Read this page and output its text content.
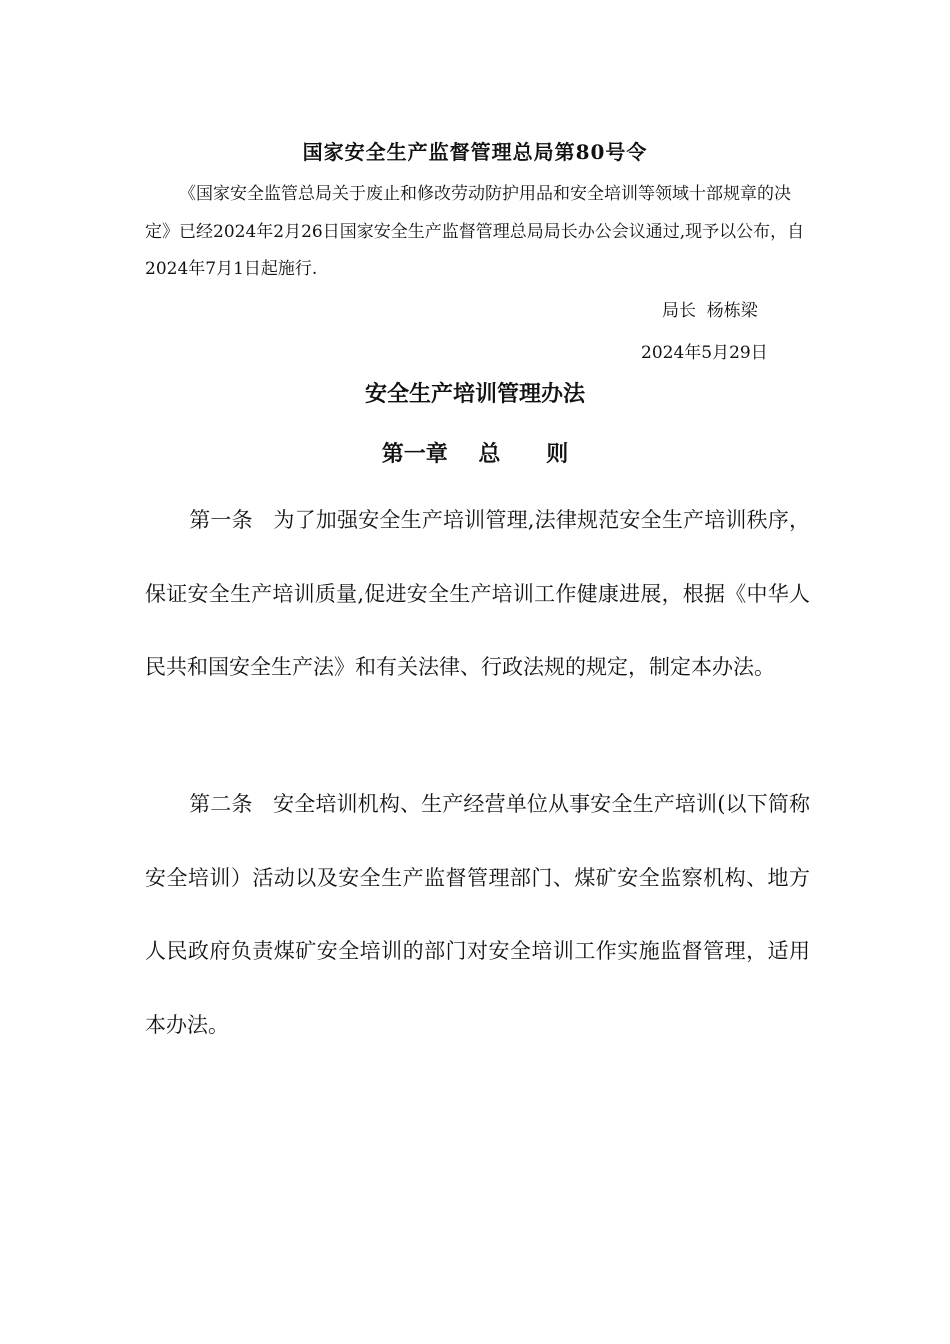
国家安全生产监督管理总局第80号令
《国家安全监管总局关于废止和修改劳动防护用品和安全培训等领域十部规章的决定》已经2024年2月26日国家安全生产监督管理总局局长办公会议通过,现予以公布，自2024年7月1日起施行.
局长  杨栋梁
2024年5月29日
安全生产培训管理办法
第一章    总      则
第一条   为了加强安全生产培训管理,法律规范安全生产培训秩序，保证安全生产培训质量,促进安全生产培训工作健康进展，根据《中华人民共和国安全生产法》和有关法律、行政法规的规定，制定本办法。
第二条   安全培训机构、生产经营单位从事安全生产培训(以下简称安全培训）活动以及安全生产监督管理部门、煤矿安全监察机构、地方人民政府负责煤矿安全培训的部门对安全培训工作实施监督管理，适用本办法。
